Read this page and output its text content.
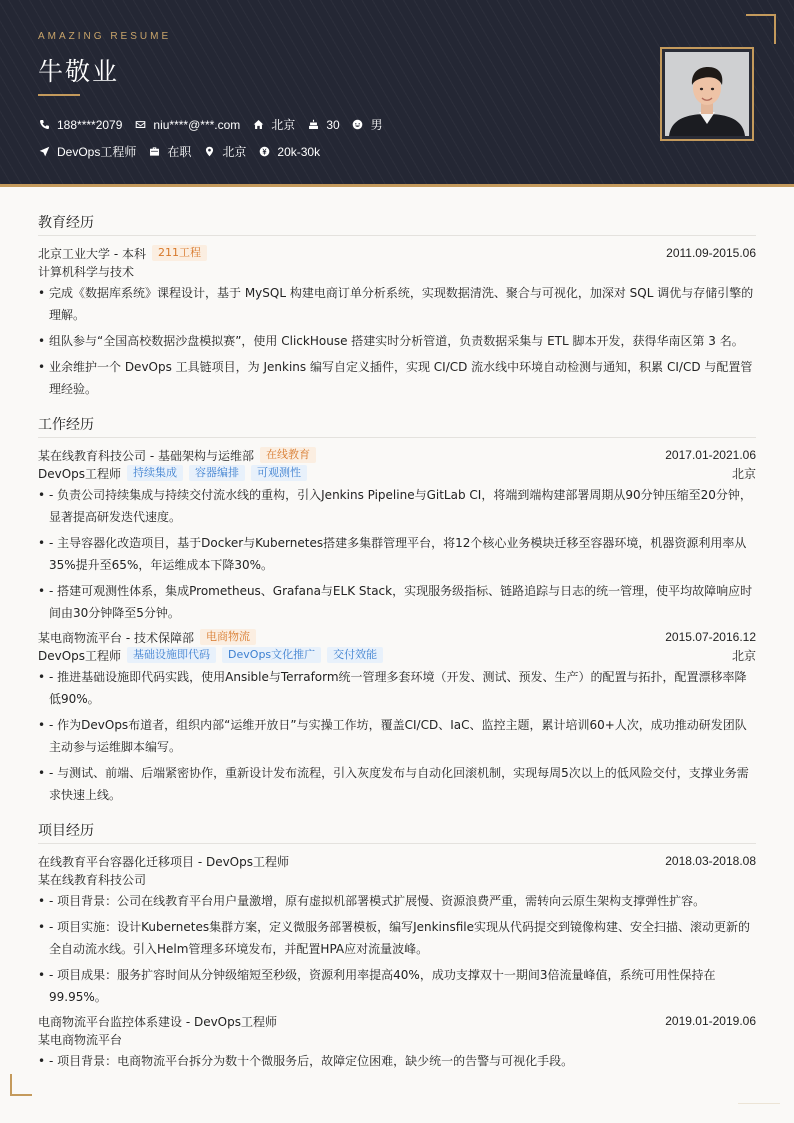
AMAZING RESUME
牛敬业
188****2079	niu****@***.com	北京	30	男
DevOps工程师	在职	北京	20k-30k
教育经历
北京工业大学 - 本科	211工程	2011.09-2015.06
计算机科学与技术
• 完成《数据库系统》课程设计，基于 MySQL 构建电商订单分析系统，实现数据清洗、聚合与可视化，加深对 SQL 调优与存储引擎的理解。
• 组队参与“全国高校数据沙盘模拟赛”，使用 ClickHouse 搭建实时分析管道，负责数据采集与 ETL 脚本开发，获得华南区第 3 名。
• 业余维护一个 DevOps 工具链项目，为 Jenkins 编写自定义插件，实现 CI/CD 流水线中环境自动检测与通知，积累 CI/CD 与配置管理经验。
工作经历
某在线教育科技公司 - 基础架构与运维部	在线教育	2017.01-2021.06
DevOps工程师	持续集成	容器编排	可观测性	北京
• - 负责公司持续集成与持续交付流水线的重构，引入Jenkins Pipeline与GitLab CI，将端到端构建部署周期从90分钟压缩至20分钟，显著提高研发迭代速度。
• - 主导容器化改造项目，基于Docker与Kubernetes搭建多集群管理平台，将12个核心业务模块迁移至容器环境，机器资源利用率从35%提升至65%，年运维成本下降30%。
• - 搭建可观测性体系，集成Prometheus、Grafana与ELK Stack，实现服务级指标、链路追踪与日志的统一管理，使平均故障响应时间由30分钟降至5分钟。
某电商物流平台 - 技术保障部	电商物流	2015.07-2016.12
DevOps工程师	基础设施即代码	DevOps文化推广	交付效能	北京
• - 推进基础设施即代码实践，使用Ansible与Terraform统一管理多套环境（开发、测试、预发、生产）的配置与拓扑，配置漂移率降低90%。
• - 作为DevOps布道者，组织内部“运维开放日”与实操工作坊，覆盖CI/CD、IaC、监控主题，累计培训60+人次，成功推动研发团队主动参与运维脚本编写。
• - 与测试、前端、后端紧密协作，重新设计发布流程，引入灰度发布与自动化回滚机制，实现每周5次以上的低风险交付，支撑业务需求快速上线。
项目经历
在线教育平台容器化迁移项目 - DevOps工程师	2018.03-2018.08
某在线教育科技公司
• - 项目背景：公司在线教育平台用户量激增，原有虚拟机部署模式扩展慢、资源浪费严重，需转向云原生架构支撑弹性扩容。
• - 项目实施：设计Kubernetes集群方案，定义微服务部署模板，编写Jenkinsfile实现从代码提交到镜像构建、安全扫描、滚动更新的全自动流水线。引入Helm管理多环境发布，并配置HPA应对流量波峰。
• - 项目成果：服务扩容时间从分钟级缩短至秒级，资源利用率提高40%，成功支撑双十一期间3倍流量峰值，系统可用性保持在99.95%。
电商物流平台监控体系建设 - DevOps工程师	2019.01-2019.06
某电商物流平台
• - 项目背景：电商物流平台拆分为数十个微服务后，故障定位困难，缺少统一的告警与可视化手段。
